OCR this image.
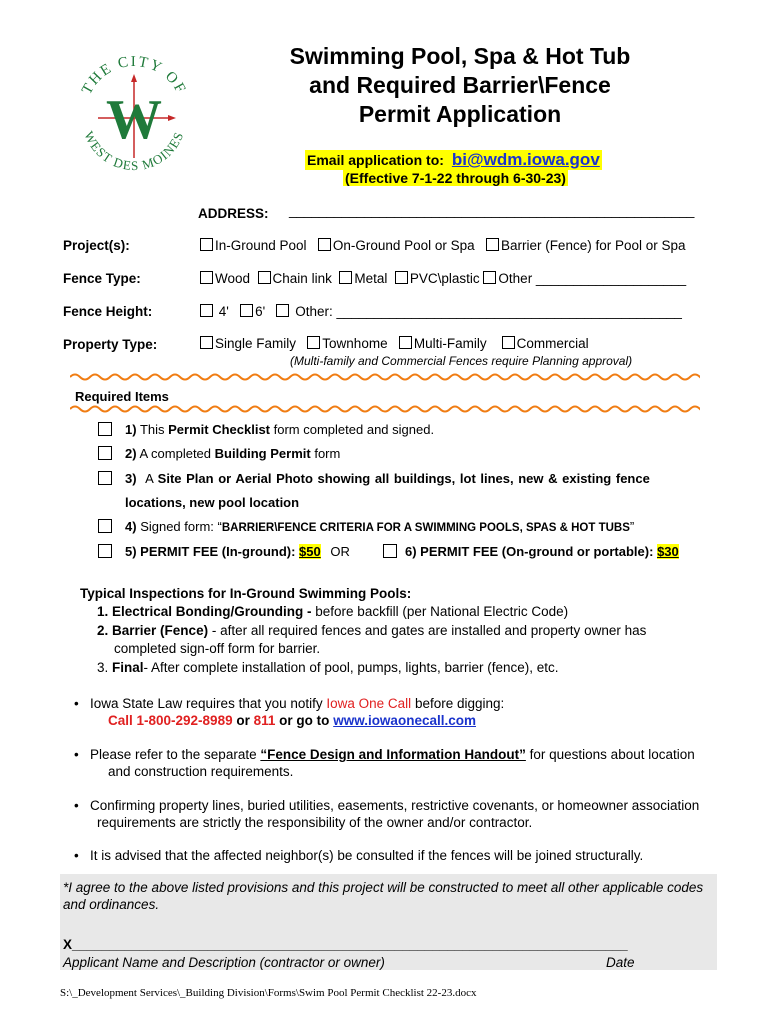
THE CITY OF
WEST DES MOINES
W
Swimming Pool, Spa & Hot Tub
and Required Barrier\Fence
Permit Application
Email application to: bi@wdm.iowa.gov
(Effective 7-1-22 through 6-30-23)
ADDRESS: ______________________________________________________
Project(s):	In-Ground Pool On-Ground Pool or Spa Barrier (Fence) for Pool or Spa
Fence Type:	Wood Chain link Metal PVC\plastic Other ____________________
Fence Height:	4' 6' Other: ______________________________________________
Property Type:	Single Family Townhome Multi-Family Commercial
(Multi-family and Commercial Fences require Planning approval)
Required Items
1) This Permit Checklist form completed and signed.
2) A completed Building Permit form
3) A Site Plan or Aerial Photo showing all buildings, lot lines, new & existing fence
locations, new pool location
4) Signed form: “BARRIER\FENCE CRITERIA FOR A SWIMMING POOLS, SPAS & HOT TUBS”
5) PERMIT FEE (In-ground): $50 OR	6) PERMIT FEE (On-ground or portable): $30
Typical Inspections for In-Ground Swimming Pools:
1. Electrical Bonding/Grounding - before backfill (per National Electric Code)
2. Barrier (Fence) - after all required fences and gates are installed and property owner has
completed sign-off form for barrier.
3. Final- After complete installation of pool, pumps, lights, barrier (fence), etc.
•   Iowa State Law requires that you notify Iowa One Call before digging:
Call 1-800-292-8989 or 811 or go to www.iowaonecall.com
•   Please refer to the separate “Fence Design and Information Handout” for questions about location
and construction requirements.
•   Confirming property lines, buried utilities, easements, restrictive covenants, or homeowner association
requirements are strictly the responsibility of the owner and/or contractor.
•   It is advised that the affected neighbor(s) be consulted if the fences will be joined structurally.
*I agree to the above listed provisions and this project will be constructed to meet all other applicable codes and ordinances.
X__________________________________________________________________________
Applicant Name and Description (contractor or owner)	Date
S:\_Development Services\_Building Division\Forms\Swim Pool Permit Checklist 22-23.docx
